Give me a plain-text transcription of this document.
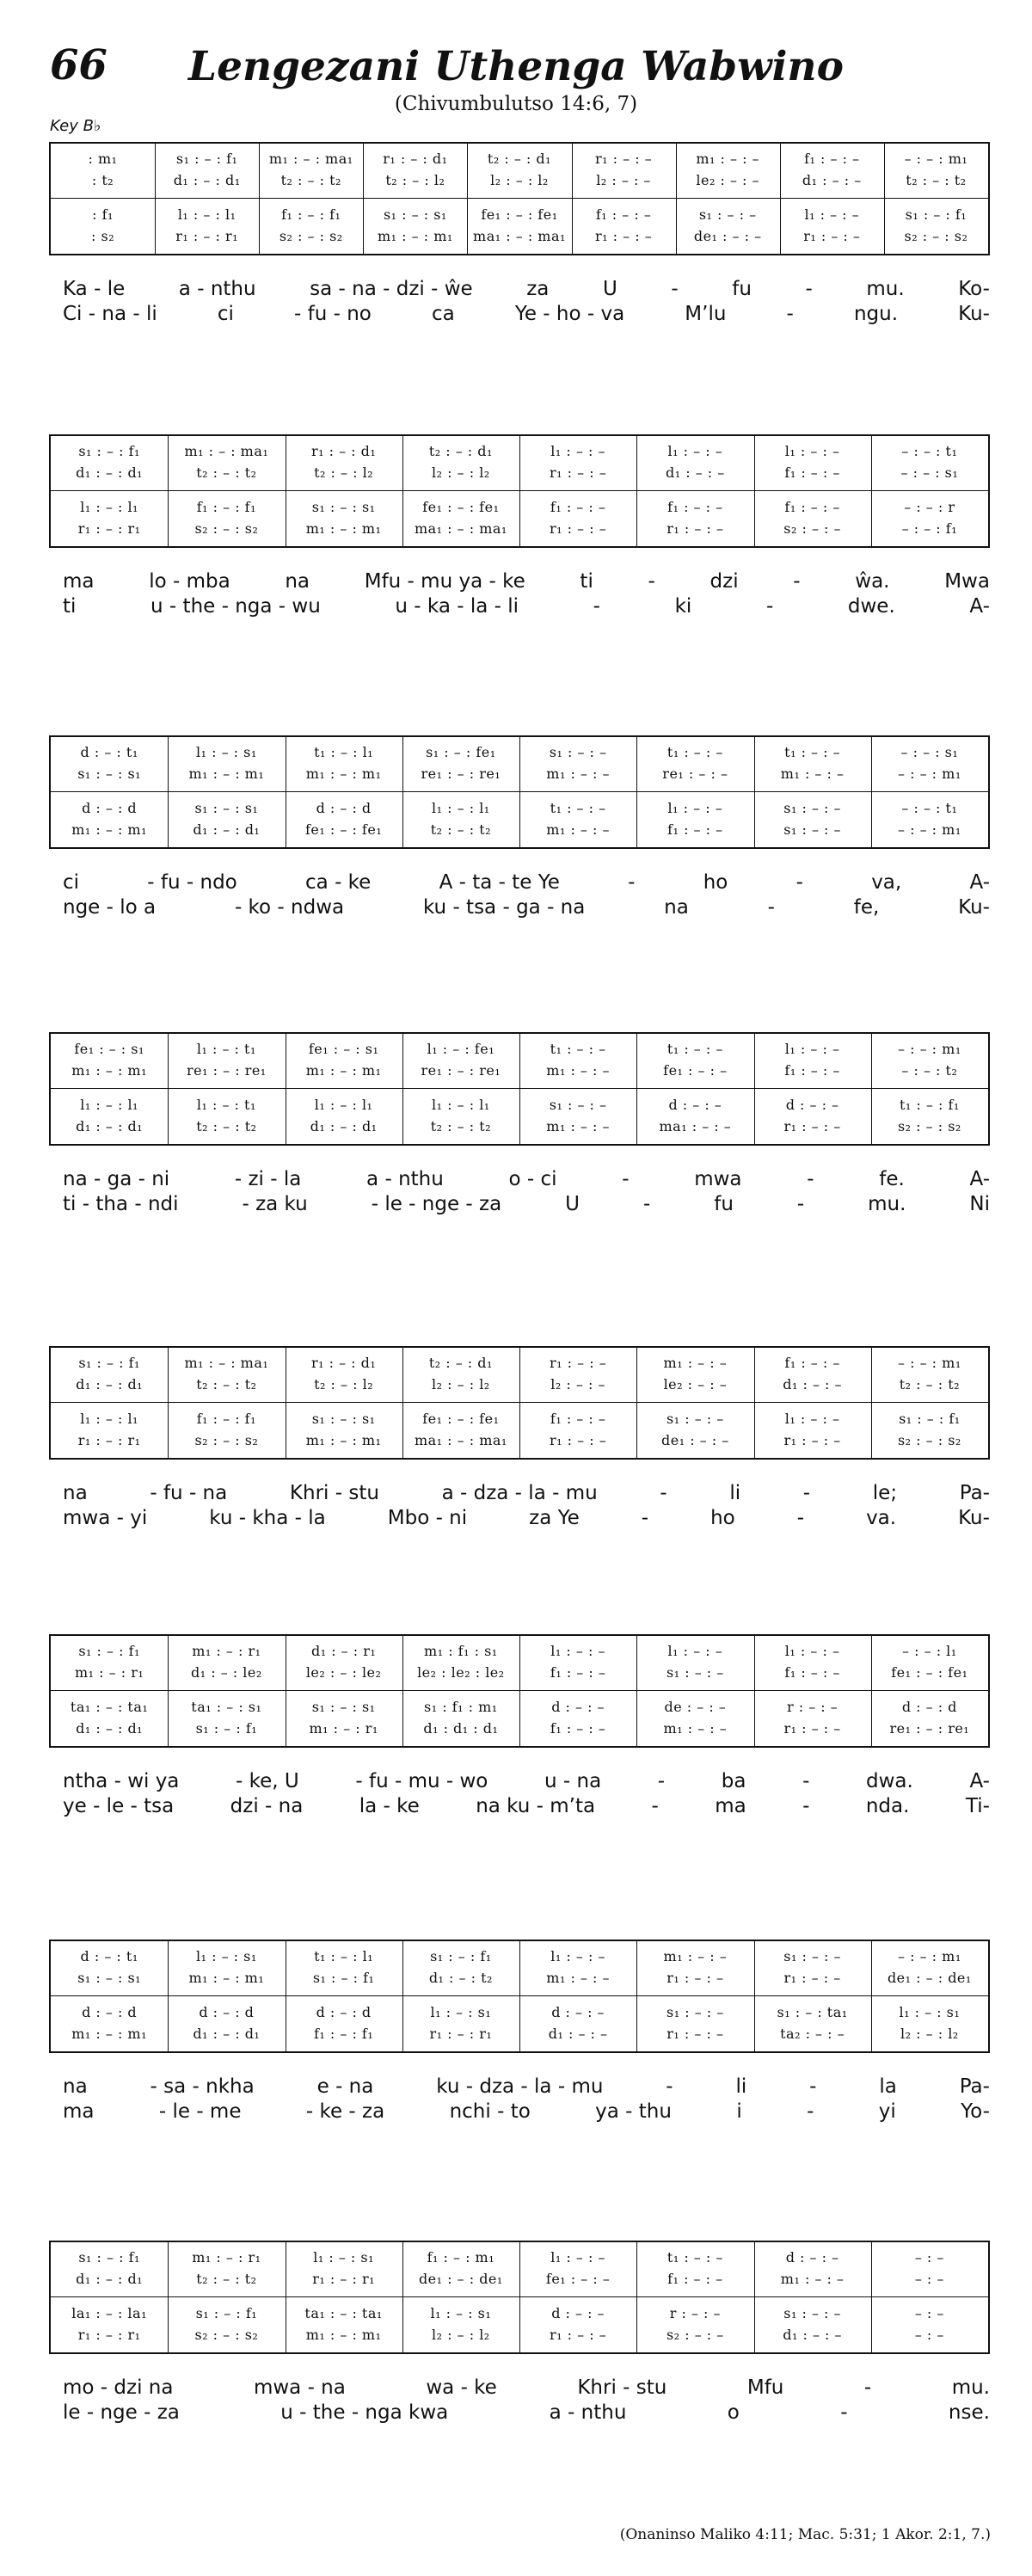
66	Lengezani Uthenga Wabwino
(Chivumbulutso 14:6, 7)
Key B♭
: m₁	s₁ : – : f₁	m₁ : – : ma₁	r₁ : – : d₁	t₂ : – : d₁	r₁ : – : –	m₁ : – : –	f₁ : – : –	– : – : m₁
: t₂	d₁ : – : d₁	t₂ : – : t₂	t₂ : – : l₂	l₂ : – : l₂	l₂ : – : –	le₂ : – : –	d₁ : – : –	t₂ : – : t₂
: f₁	l₁ : – : l₁	f₁ : – : f₁	s₁ : – : s₁	fe₁ : – : fe₁	f₁ : – : –	s₁ : – : –	l₁ : – : –	s₁ : – : f₁
: s₂	r₁ : – : r₁	s₂ : – : s₂	m₁ : – : m₁	ma₁ : – : ma₁	r₁ : – : –	de₁ : – : –	r₁ : – : –	s₂ : – : s₂
Ka - le	a - nthu	sa - na - dzi - ŵe	za	U	-	fu	-	mu.	Ko-
Ci - na - li	ci	- fu - no	ca	Ye - ho - va	M’lu	-	ngu.	Ku-
s₁ : – : f₁	m₁ : – : ma₁	r₁ : – : d₁	t₂ : – : d₁	l₁ : – : –	l₁ : – : –	l₁ : – : –	– : – : t₁
d₁ : – : d₁	t₂ : – : t₂	t₂ : – : l₂	l₂ : – : l₂	r₁ : – : –	d₁ : – : –	f₁ : – : –	– : – : s₁
l₁ : – : l₁	f₁ : – : f₁	s₁ : – : s₁	fe₁ : – : fe₁	f₁ : – : –	f₁ : – : –	f₁ : – : –	– : – : r
r₁ : – : r₁	s₂ : – : s₂	m₁ : – : m₁	ma₁ : – : ma₁	r₁ : – : –	r₁ : – : –	s₂ : – : –	– : – : f₁
ma	lo - mba	na	Mfu - mu ya - ke	ti	-	dzi	-	ŵa.	Mwa
ti	u - the - nga - wu	u - ka - la - li	-	ki	-	dwe.	A-
d : – : t₁	l₁ : – : s₁	t₁ : – : l₁	s₁ : – : fe₁	s₁ : – : –	t₁ : – : –	t₁ : – : –	– : – : s₁
s₁ : – : s₁	m₁ : – : m₁	m₁ : – : m₁	re₁ : – : re₁	m₁ : – : –	re₁ : – : –	m₁ : – : –	– : – : m₁
d : – : d	s₁ : – : s₁	d : – : d	l₁ : – : l₁	t₁ : – : –	l₁ : – : –	s₁ : – : –	– : – : t₁
m₁ : – : m₁	d₁ : – : d₁	fe₁ : – : fe₁	t₂ : – : t₂	m₁ : – : –	f₁ : – : –	s₁ : – : –	– : – : m₁
ci	- fu - ndo	ca - ke	A - ta - te Ye	-	ho	-	va,	A-
nge - lo a	- ko - ndwa	ku - tsa - ga - na	na	-	fe,	Ku-
fe₁ : – : s₁	l₁ : – : t₁	fe₁ : – : s₁	l₁ : – : fe₁	t₁ : – : –	t₁ : – : –	l₁ : – : –	– : – : m₁
m₁ : – : m₁	re₁ : – : re₁	m₁ : – : m₁	re₁ : – : re₁	m₁ : – : –	fe₁ : – : –	f₁ : – : –	– : – : t₂
l₁ : – : l₁	l₁ : – : t₁	l₁ : – : l₁	l₁ : – : l₁	s₁ : – : –	d : – : –	d : – : –	t₁ : – : f₁
d₁ : – : d₁	t₂ : – : t₂	d₁ : – : d₁	t₂ : – : t₂	m₁ : – : –	ma₁ : – : –	r₁ : – : –	s₂ : – : s₂
na - ga - ni	- zi - la	a - nthu	o - ci	-	mwa	-	fe.	A-
ti - tha - ndi	- za ku	- le - nge - za	U	-	fu	-	mu.	Ni
s₁ : – : f₁	m₁ : – : ma₁	r₁ : – : d₁	t₂ : – : d₁	r₁ : – : –	m₁ : – : –	f₁ : – : –	– : – : m₁
d₁ : – : d₁	t₂ : – : t₂	t₂ : – : l₂	l₂ : – : l₂	l₂ : – : –	le₂ : – : –	d₁ : – : –	t₂ : – : t₂
l₁ : – : l₁	f₁ : – : f₁	s₁ : – : s₁	fe₁ : – : fe₁	f₁ : – : –	s₁ : – : –	l₁ : – : –	s₁ : – : f₁
r₁ : – : r₁	s₂ : – : s₂	m₁ : – : m₁	ma₁ : – : ma₁	r₁ : – : –	de₁ : – : –	r₁ : – : –	s₂ : – : s₂
na	- fu - na	Khri - stu	a - dza - la - mu	-	li	-	le;	Pa-
mwa - yi	ku - kha - la	Mbo - ni	za Ye	-	ho	-	va.	Ku-
s₁ : – : f₁	m₁ : – : r₁	d₁ : – : r₁	m₁ : f₁ : s₁	l₁ : – : –	l₁ : – : –	l₁ : – : –	– : – : l₁
m₁ : – : r₁	d₁ : – : le₂	le₂ : – : le₂	le₂ : le₂ : le₂	f₁ : – : –	s₁ : – : –	f₁ : – : –	fe₁ : – : fe₁
ta₁ : – : ta₁	ta₁ : – : s₁	s₁ : – : s₁	s₁ : f₁ : m₁	d : – : –	de : – : –	r : – : –	d : – : d
d₁ : – : d₁	s₁ : – : f₁	m₁ : – : r₁	d₁ : d₁ : d₁	f₁ : – : –	m₁ : – : –	r₁ : – : –	re₁ : – : re₁
ntha - wi ya	- ke, U	- fu - mu - wo	u - na	-	ba	-	dwa.	A-
ye - le - tsa	dzi - na	la - ke	na ku - m’ta	-	ma	-	nda.	Ti-
d : – : t₁	l₁ : – : s₁	t₁ : – : l₁	s₁ : – : f₁	l₁ : – : –	m₁ : – : –	s₁ : – : –	– : – : m₁
s₁ : – : s₁	m₁ : – : m₁	s₁ : – : f₁	d₁ : – : t₂	m₁ : – : –	r₁ : – : –	r₁ : – : –	de₁ : – : de₁
d : – : d	d : – : d	d : – : d	l₁ : – : s₁	d : – : –	s₁ : – : –	s₁ : – : ta₁	l₁ : – : s₁
m₁ : – : m₁	d₁ : – : d₁	f₁ : – : f₁	r₁ : – : r₁	d₁ : – : –	r₁ : – : –	ta₂ : – : –	l₂ : – : l₂
na	- sa - nkha	e - na	ku - dza - la - mu	-	li	-	la	Pa-
ma	- le - me	- ke - za	nchi - to	ya - thu	i	-	yi	Yo-
s₁ : – : f₁	m₁ : – : r₁	l₁ : – : s₁	f₁ : – : m₁	l₁ : – : –	t₁ : – : –	d : – : –	– : –
d₁ : – : d₁	t₂ : – : t₂	r₁ : – : r₁	de₁ : – : de₁	fe₁ : – : –	f₁ : – : –	m₁ : – : –	– : –
la₁ : – : la₁	s₁ : – : f₁	ta₁ : – : ta₁	l₁ : – : s₁	d : – : –	r : – : –	s₁ : – : –	– : –
r₁ : – : r₁	s₂ : – : s₂	m₁ : – : m₁	l₂ : – : l₂	r₁ : – : –	s₂ : – : –	d₁ : – : –	– : –
mo - dzi na	mwa - na	wa - ke	Khri - stu	Mfu	-	mu.
le - nge - za	u - the - nga kwa	a - nthu	o	-	nse.
(Onaninso Maliko 4:11; Mac. 5:31; 1 Akor. 2:1, 7.)
